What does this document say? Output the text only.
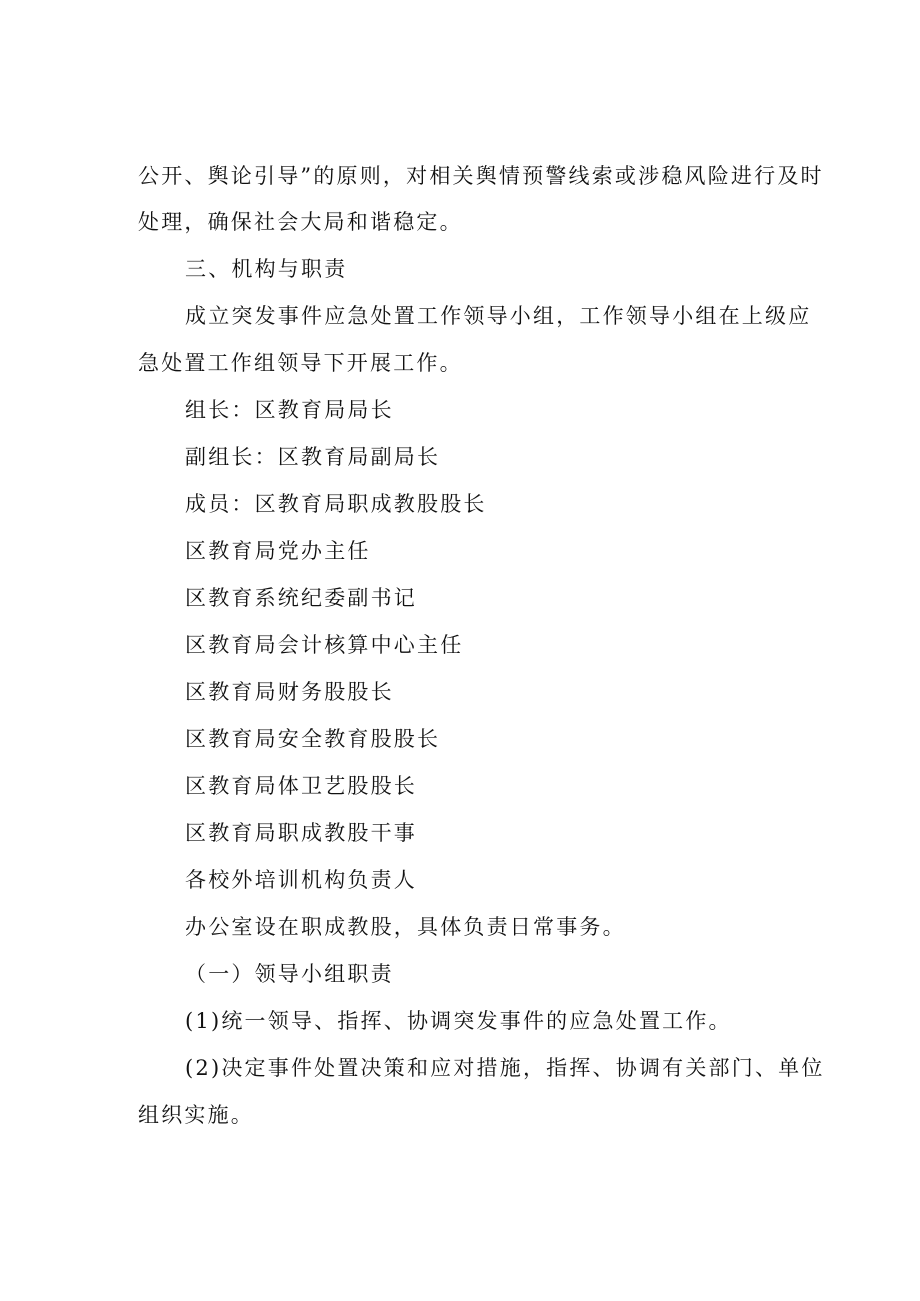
公开、舆论引导”的原则，对相关舆情预警线索或涉稳风险进行及时
处理，确保社会大局和谐稳定。
三、机构与职责
成立突发事件应急处置工作领导小组，工作领导小组在上级应
急处置工作组领导下开展工作。
组长：区教育局局长
副组长：区教育局副局长
成员：区教育局职成教股股长
区教育局党办主任
区教育系统纪委副书记
区教育局会计核算中心主任
区教育局财务股股长
区教育局安全教育股股长
区教育局体卫艺股股长
区教育局职成教股干事
各校外培训机构负责人
办公室设在职成教股，具体负责日常事务。
（一）领导小组职责
(1)统一领导、指挥、协调突发事件的应急处置工作。
(2)决定事件处置决策和应对措施，指挥、协调有关部门、单位
组织实施。
